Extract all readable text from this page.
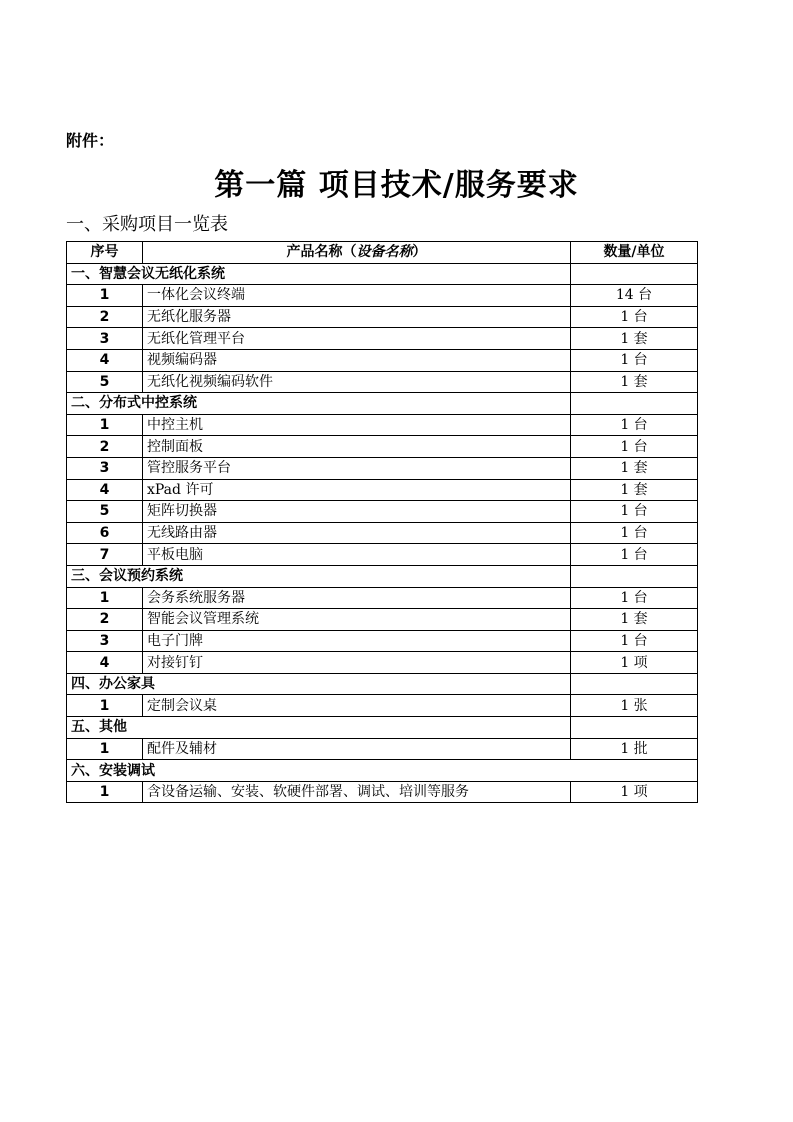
附件：
第一篇 项目技术/服务要求
一、采购项目一览表
序号	产品名称（设备名称）	数量/单位
一、智慧会议无纸化系统		
1	一体化会议终端	14 台
2	无纸化服务器	1 台
3	无纸化管理平台	1 套
4	视频编码器	1 台
5	无纸化视频编码软件	1 套
二、分布式中控系统		
1	中控主机	1 台
2	控制面板	1 台
3	管控服务平台	1 套
4	xPad 许可	1 套
5	矩阵切换器	1 台
6	无线路由器	1 台
7	平板电脑	1 台
三、会议预约系统		
1	会务系统服务器	1 台
2	智能会议管理系统	1 套
3	电子门牌	1 台
4	对接钉钉	1 项
四、办公家具		
1	定制会议桌	1 张
五、其他		
1	配件及辅材	1 批
六、安装调试		
1	含设备运输、安装、软硬件部署、调试、培训等服务	1 项
